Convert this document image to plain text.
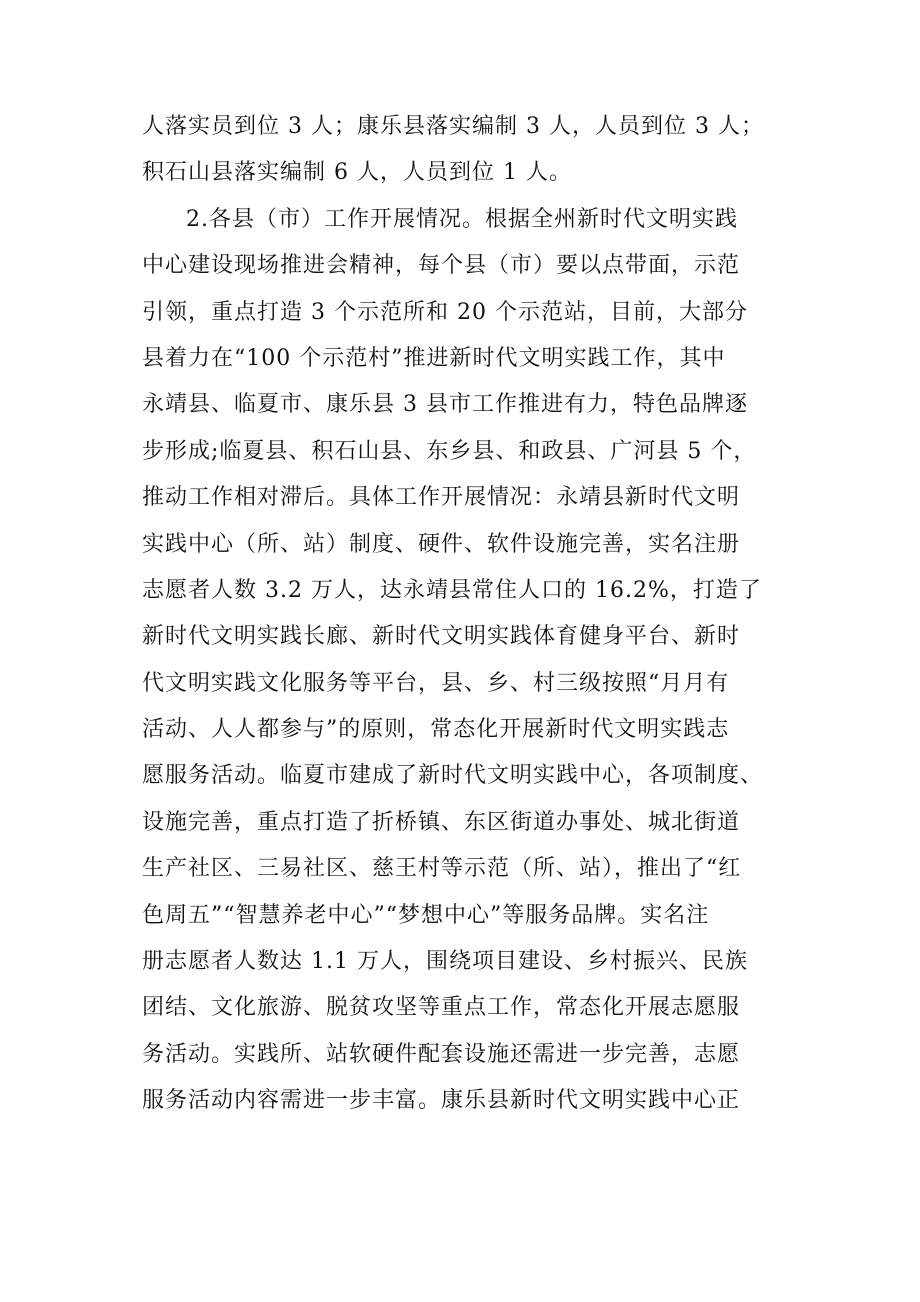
人落实员到位 3 人；康乐县落实编制 3 人，人员到位 3 人；
积石山县落实编制 6 人，人员到位 1 人。
2.各县（市）工作开展情况。根据全州新时代文明实践
中心建设现场推进会精神，每个县（市）要以点带面，示范
引领，重点打造 3 个示范所和 20 个示范站，目前，大部分
县着力在“100 个示范村”推进新时代文明实践工作，其中
永靖县、临夏市、康乐县 3 县市工作推进有力，特色品牌逐
步形成;临夏县、积石山县、东乡县、和政县、广河县 5 个，
推动工作相对滞后。具体工作开展情况：永靖县新时代文明
实践中心（所、站）制度、硬件、软件设施完善，实名注册
志愿者人数 3.2 万人，达永靖县常住人口的 16.2%，打造了
新时代文明实践长廊、新时代文明实践体育健身平台、新时
代文明实践文化服务等平台，县、乡、村三级按照“月月有
活动、人人都参与”的原则，常态化开展新时代文明实践志
愿服务活动。临夏市建成了新时代文明实践中心，各项制度、
设施完善，重点打造了折桥镇、东区街道办事处、城北街道
生产社区、三易社区、慈王村等示范（所、站），推出了“红
色周五”“智慧养老中心”“梦想中心”等服务品牌。实名注
册志愿者人数达 1.1 万人，围绕项目建设、乡村振兴、民族
团结、文化旅游、脱贫攻坚等重点工作，常态化开展志愿服
务活动。实践所、站软硬件配套设施还需进一步完善，志愿
服务活动内容需进一步丰富。康乐县新时代文明实践中心正
